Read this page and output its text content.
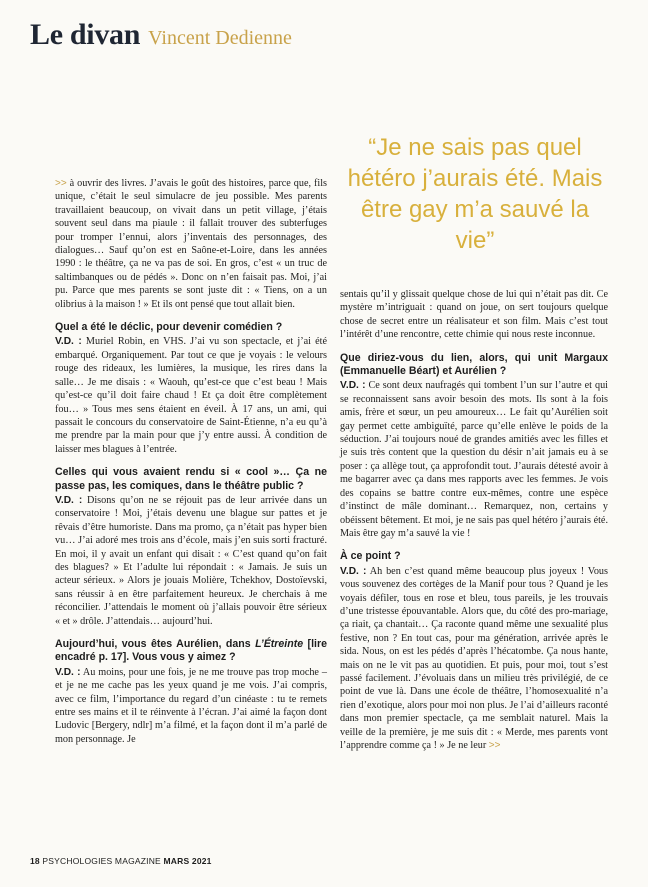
Le divan Vincent Dedienne
“Je ne sais pas quel hétéro j’aurais été. Mais être gay m’a sauvé la vie”

>> à ouvrir des livres. J’avais le goût des histoires, parce que, fils unique, c’était le seul simulacre de jeu possible. Mes parents travaillaient beaucoup, on vivait dans un petit village, j’étais souvent seul dans ma piaule : il fallait trouver des subterfuges pour tromper l’ennui, alors j’inventais des personnages, des dialogues… Sauf qu’on est en Saône-et-Loire, dans les années 1990 : le théâtre, ça ne va pas de soi. En gros, c’est « un truc de saltimbanques ou de pédés ». Donc on n’en faisait pas. Moi, j’ai pu. Parce que mes parents se sont juste dit : « Tiens, on a un olibrius à la maison ! » Et ils ont pensé que tout allait bien.

Quel a été le déclic, pour devenir comédien ?

V.D. : Muriel Robin, en VHS. J’ai vu son spectacle, et j’ai été embarqué. Organiquement. Par tout ce que je voyais : le velours rouge des rideaux, les lumières, la musique, les rires dans la salle… Je me disais : « Waouh, qu’est-ce que c’est beau ! Mais qu’est-ce qu’il doit faire chaud ! Et ça doit être complètement fou… » Tous mes sens étaient en éveil. À 17 ans, un ami, qui passait le concours du conservatoire de Saint-Étienne, n’a eu qu’à me prendre par la main pour que j’y entre aussi. À condition de laisser mes blagues à l’entrée.

Celles qui vous avaient rendu si « cool »… Ça ne passe pas, les comiques, dans le théâtre public ?

V.D. : Disons qu’on ne se réjouit pas de leur arrivée dans un conservatoire ! Moi, j’étais devenu une blague sur pattes et je rêvais d’être humoriste. Dans ma promo, ça n’était pas hyper bien vu… J’ai adoré mes trois ans d’école, mais j’en suis sorti fracturé. En moi, il y avait un enfant qui disait : « C’est quand qu’on fait des blagues? » Et l’adulte lui répondait : « Jamais. Je suis un acteur sérieux. » Alors je jouais Molière, Tchekhov, Dostoïevski, sans réussir à en être parfaitement heureux. Je cherchais à me réconcilier. J’attendais le moment où j’allais pouvoir être sérieux « et » drôle. J’attendais… aujourd’hui.

Aujourd’hui, vous êtes Aurélien, dans L’Étreinte [lire encadré p. 17]. Vous vous y aimez ?

V.D. : Au moins, pour une fois, je ne me trouve pas trop moche – et je ne me cache pas les yeux quand je me vois. J’ai compris, avec ce film, l’importance du regard d’un cinéaste : tu te remets entre ses mains et il te réinvente à l’écran. J’ai aimé la façon dont Ludovic [Bergery, ndlr] m’a filmé, et la façon dont il m’a parlé de mon personnage. Je

sentais qu’il y glissait quelque chose de lui qui n’était pas dit. Ce mystère m’intriguait : quand on joue, on sert toujours quelque chose de secret entre un réalisateur et son film. Mais c’est tout l’intérêt d’une rencontre, cette chimie qui nous reste inconnue.

Que diriez-vous du lien, alors, qui unit Margaux (Emmanuelle Béart) et Aurélien ?

V.D. : Ce sont deux naufragés qui tombent l’un sur l’autre et qui se reconnaissent sans avoir besoin des mots. Ils sont à la fois amis, frère et sœur, un peu amoureux… Le fait qu’Aurélien soit gay permet cette ambiguïté, parce qu’elle enlève le poids de la séduction. J’ai toujours noué de grandes amitiés avec les filles et je suis très content que la question du désir n’ait jamais eu à se poser : ça allège tout, ça approfondit tout. J’aurais détesté avoir à me bagarrer avec ça dans mes rapports avec les femmes. Je vois des copains se battre contre eux-mêmes, contre une espèce d’instinct de mâle dominant… Remarquez, non, certains y obéissent bêtement. Et moi, je ne sais pas quel hétéro j’aurais été. Mais être gay m’a sauvé la vie !

À ce point ?

V.D. : Ah ben c’est quand même beaucoup plus joyeux ! Vous vous souvenez des cortèges de la Manif pour tous ? Quand je les voyais défiler, tous en rose et bleu, tous pareils, je les trouvais d’une tristesse épouvantable. Alors que, du côté des pro-mariage, ça riait, ça chantait… Ça raconte quand même une sexualité plus festive, non ? En tout cas, pour ma génération, arrivée après le sida. Nous, on est les pédés d’après l’hécatombe. Ça nous hante, mais on ne le vit pas au quotidien. Et puis, pour moi, tout s’est passé facilement. J’évoluais dans un milieu très privilégié, de ce point de vue là. Dans une école de théâtre, l’homosexualité n’a rien d’exotique, alors pour moi non plus. Je l’ai d’ailleurs raconté dans mon premier spectacle, ça me semblait naturel. Mais la veille de la première, je me suis dit : « Merde, mes parents vont l’apprendre comme ça ! » Je ne leur >>

18 PSYCHOLOGIES MAGAZINE MARS 2021
